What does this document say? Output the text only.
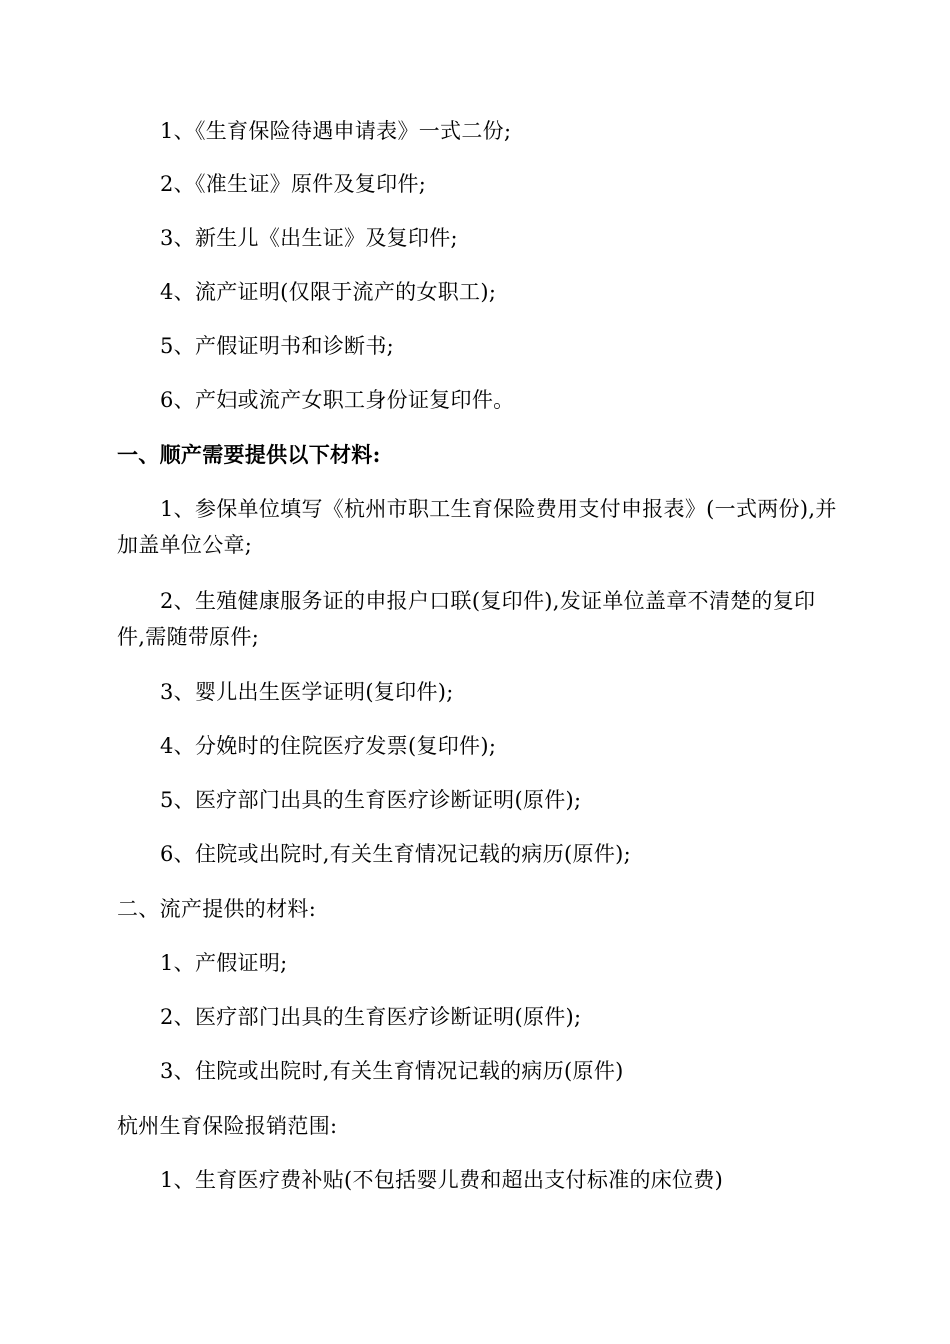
1、《生育保险待遇申请表》一式二份;
2、《准生证》原件及复印件;
3、新生儿《出生证》及复印件;
4、流产证明(仅限于流产的女职工);
5、产假证明书和诊断书;
6、产妇或流产女职工身份证复印件。
一、顺产需要提供以下材料:
1、参保单位填写《杭州市职工生育保险费用支付申报表》(一式两份),并加盖单位公章;
2、生殖健康服务证的申报户口联(复印件),发证单位盖章不清楚的复印件,需随带原件;
3、婴儿出生医学证明(复印件);
4、分娩时的住院医疗发票(复印件);
5、医疗部门出具的生育医疗诊断证明(原件);
6、住院或出院时,有关生育情况记载的病历(原件);
二、流产提供的材料:
1、产假证明;
2、医疗部门出具的生育医疗诊断证明(原件);
3、住院或出院时,有关生育情况记载的病历(原件)
杭州生育保险报销范围:
1、生育医疗费补贴(不包括婴儿费和超出支付标准的床位费)
